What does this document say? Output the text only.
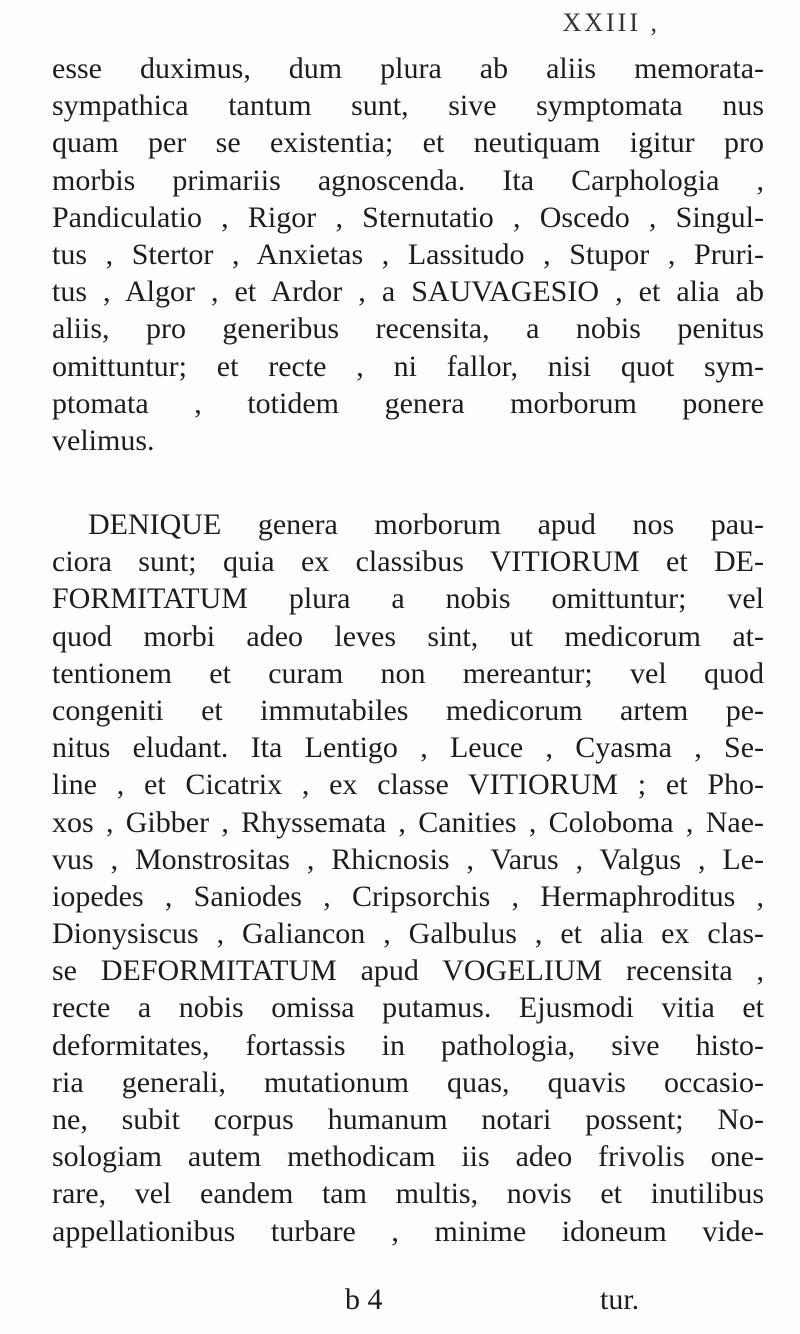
XXIII ,
esse duximus, dum plura ab aliis memorata-
sympathica tantum sunt, sive symptomata nus
quam per se existentia; et neutiquam igitur pro
morbis primariis agnoscenda. Ita Carphologia ,
Pandiculatio , Rigor , Sternutatio , Oscedo , Singul-
tus , Stertor , Anxietas , Lassitudo , Stupor , Pruri-
tus , Algor , et Ardor , a SAUVAGESIO , et alia ab
aliis, pro generibus recensita, a nobis penitus
omittuntur; et recte , ni fallor, nisi quot sym-
ptomata , totidem genera morborum ponere
velimus.
DENIQUE genera morborum apud nos pau-
ciora sunt; quia ex classibus VITIORUM et DE-
FORMITATUM plura a nobis omittuntur; vel
quod morbi adeo leves sint, ut medicorum at-
tentionem et curam non mereantur; vel quod
congeniti et immutabiles medicorum artem pe-
nitus eludant. Ita Lentigo , Leuce , Cyasma , Se-
line , et Cicatrix , ex classe VITIORUM ; et Pho-
xos , Gibber , Rhyssemata , Canities , Coloboma , Nae-
vus , Monstrositas , Rhicnosis , Varus , Valgus , Le-
iopedes , Saniodes , Cripsorchis , Hermaphroditus ,
Dionysiscus , Galiancon , Galbulus , et alia ex clas-
se DEFORMITATUM apud VOGELIUM recensita ,
recte a nobis omissa putamus. Ejusmodi vitia et
deformitates, fortassis in pathologia, sive histo-
ria generali, mutationum quas, quavis occasio-
ne, subit corpus humanum notari possent; No-
sologiam autem methodicam iis adeo frivolis one-
rare, vel eandem tam multis, novis et inutilibus
appellationibus turbare , minime idoneum vide-
b 4	tur.
